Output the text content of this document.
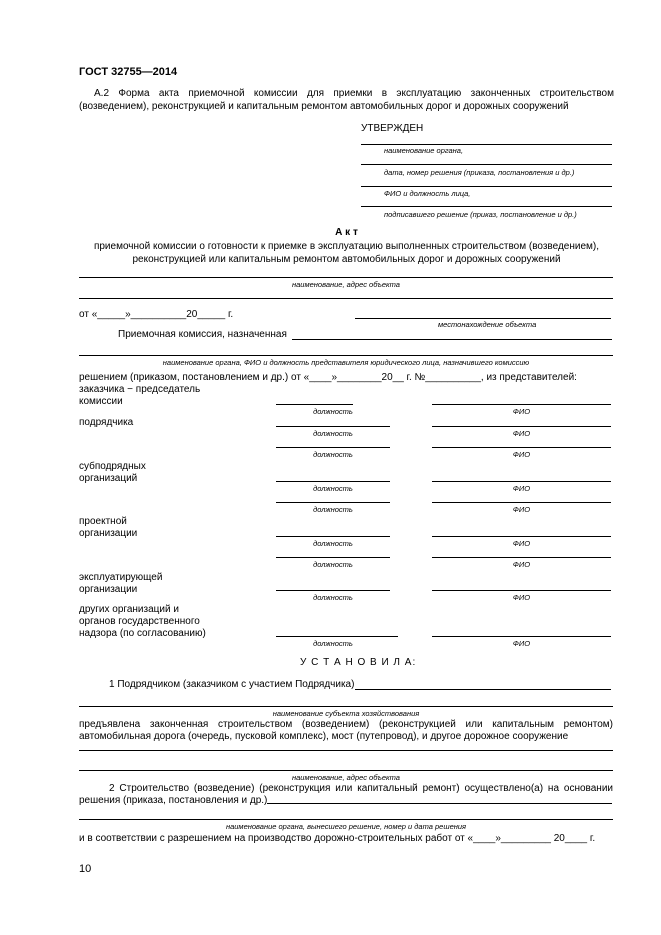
ГОСТ 32755—2014
А.2 Форма акта приемочной комиссии для приемки в эксплуатацию законченных строительством
(возведением), реконструкцией и капитальным ремонтом автомобильных дорог и дорожных сооружений
УТВЕРЖДЕН
наименование органа,
дата, номер решения (приказа, постановления и др.)
ФИО и должность лица,
подписавшего решение (приказ, постановление и др.)
А к т
приемочной комиссии о готовности к приемке в эксплуатацию выполненных строительством (возведением),
реконструкцией или капитальным ремонтом автомобильных дорог и дорожных сооружений
наименование, адрес объекта
от «_____»__________20_____ г.
местонахождение объекта
Приемочная комиссия, назначенная
наименование органа, ФИО и должность представителя юридического лица, назначившего комиссию
решением (приказом, постановлением и др.) от «____»________20__ г. №__________, из представителей:
заказчика − председатель
комиссии
должность	ФИО
подрядчика
должность	ФИО
должность	ФИО
субподрядных
организаций
должность	ФИО
должность	ФИО
проектной
организации
должность	ФИО
должность	ФИО
эксплуатирующей
организации
должность	ФИО
других организаций и
органов государственного
надзора (по согласованию)
должность	ФИО
У С Т А Н О В И Л А:
1 Подрядчиком (заказчиком с участием Подрядчика)
наименование субъекта хозяйствования
предъявлена законченная строительством (возведением) (реконструкцией или капитальным ремонтом)
автомобильная дорога (очередь, пусковой комплекс), мост (путепровод), и другое дорожное сооружение
наименование, адрес объекта
2 Строительство (возведение) (реконструкция или капитальный ремонт) осуществлено(а) на основании
решения (приказа, постановления и др.)
наименование органа, вынесшего решение, номер и дата решения
и в соответствии с разрешением на производство дорожно-строительных работ от «____»_________ 20____ г.
10
